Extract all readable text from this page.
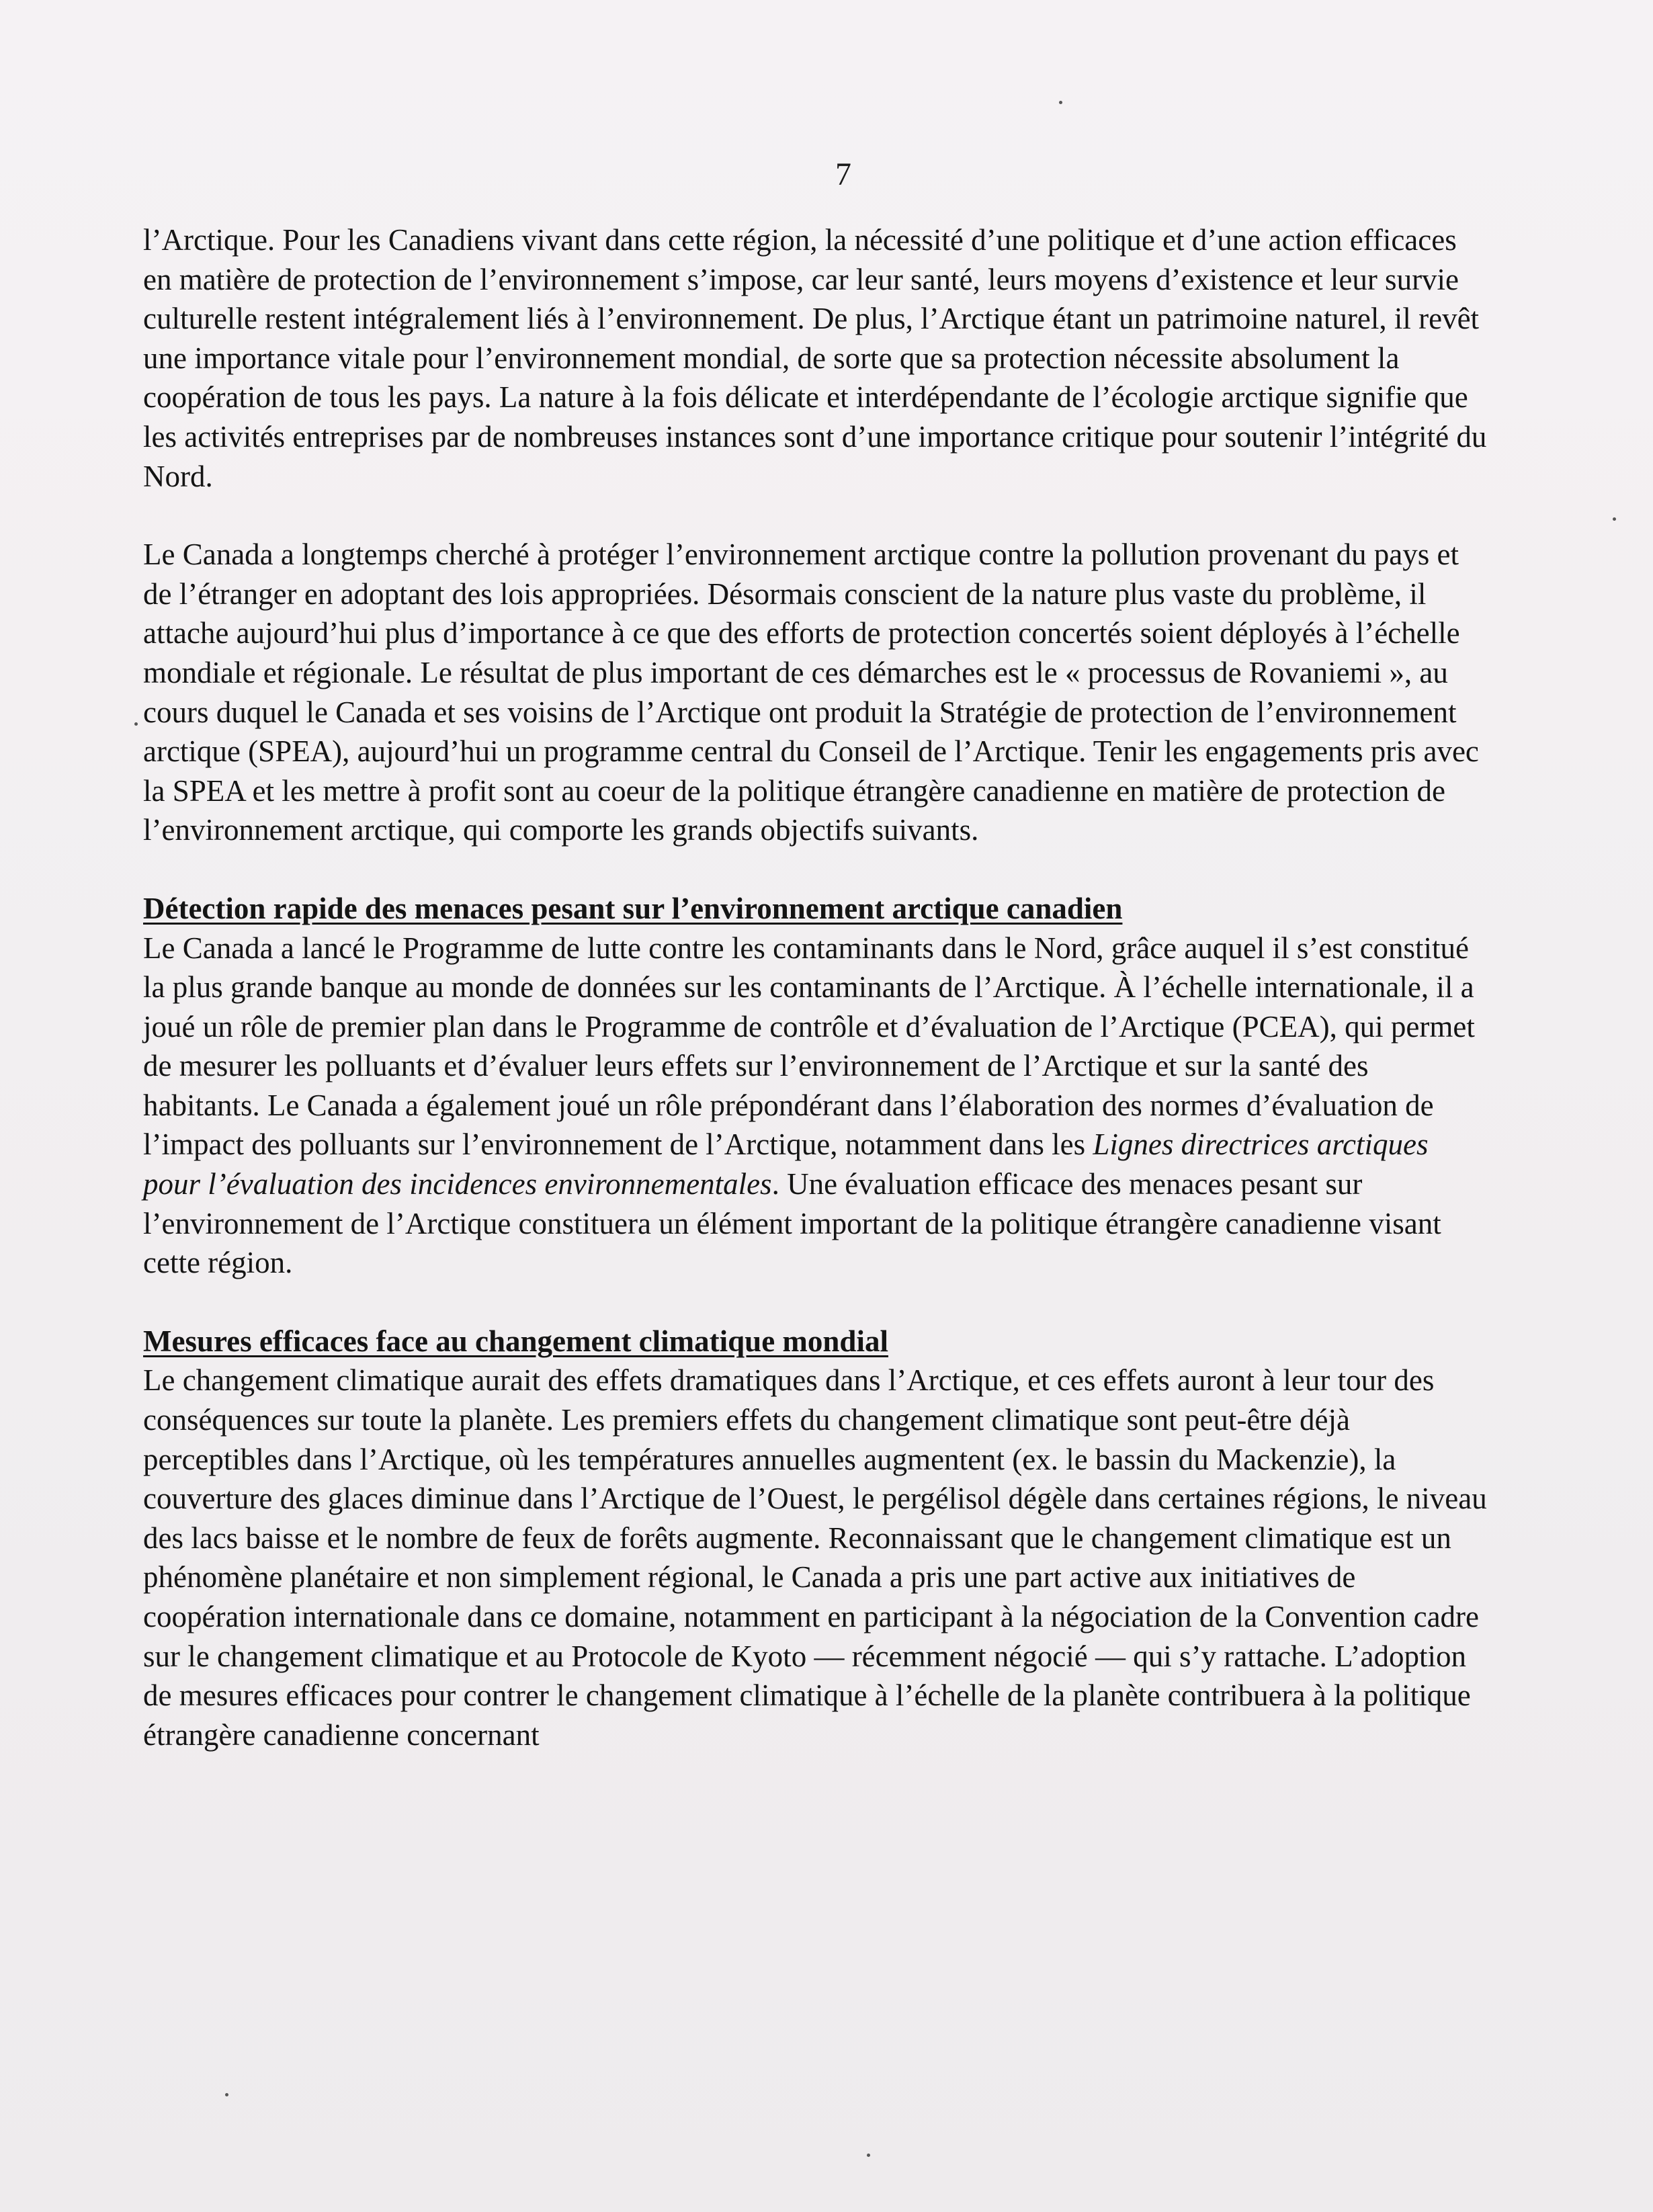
7

l’Arctique. Pour les Canadiens vivant dans cette région, la nécessité d’une politique et d’une action efficaces en matière de protection de l’environnement s’impose, car leur santé, leurs moyens d’existence et leur survie culturelle restent intégralement liés à l’environnement. De plus, l’Arctique étant un patrimoine naturel, il revêt une importance vitale pour l’environnement mondial, de sorte que sa protection nécessite absolument la coopération de tous les pays. La nature à la fois délicate et interdépendante de l’écologie arctique signifie que les activités entreprises par de nombreuses instances sont d’une importance critique pour soutenir l’intégrité du Nord.

Le Canada a longtemps cherché à protéger l’environnement arctique contre la pollution provenant du pays et de l’étranger en adoptant des lois appropriées. Désormais conscient de la nature plus vaste du problème, il attache aujourd’hui plus d’importance à ce que des efforts de protection concertés soient déployés à l’échelle mondiale et régionale. Le résultat de plus important de ces démarches est le « processus de Rovaniemi », au cours duquel le Canada et ses voisins de l’Arctique ont produit la Stratégie de protection de l’environnement arctique (SPEA), aujourd’hui un programme central du Conseil de l’Arctique. Tenir les engagements pris avec la SPEA et les mettre à profit sont au coeur de la politique étrangère canadienne en matière de protection de l’environnement arctique, qui comporte les grands objectifs suivants.

Détection rapide des menaces pesant sur l’environnement arctique canadien
Le Canada a lancé le Programme de lutte contre les contaminants dans le Nord, grâce auquel il s’est constitué la plus grande banque au monde de données sur les contaminants de l’Arctique. À l’échelle internationale, il a joué un rôle de premier plan dans le Programme de contrôle et d’évaluation de l’Arctique (PCEA), qui permet de mesurer les polluants et d’évaluer leurs effets sur l’environnement de l’Arctique et sur la santé des habitants. Le Canada a également joué un rôle prépondérant dans l’élaboration des normes d’évaluation de l’impact des polluants sur l’environnement de l’Arctique, notamment dans les Lignes directrices arctiques pour l’évaluation des incidences environnementales. Une évaluation efficace des menaces pesant sur l’environnement de l’Arctique constituera un élément important de la politique étrangère canadienne visant cette région.

Mesures efficaces face au changement climatique mondial
Le changement climatique aurait des effets dramatiques dans l’Arctique, et ces effets auront à leur tour des conséquences sur toute la planète. Les premiers effets du changement climatique sont peut-être déjà perceptibles dans l’Arctique, où les températures annuelles augmentent (ex. le bassin du Mackenzie), la couverture des glaces diminue dans l’Arctique de l’Ouest, le pergélisol dégèle dans certaines régions, le niveau des lacs baisse et le nombre de feux de forêts augmente. Reconnaissant que le changement climatique est un phénomène planétaire et non simplement régional, le Canada a pris une part active aux initiatives de coopération internationale dans ce domaine, notamment en participant à la négociation de la Convention cadre sur le changement climatique et au Protocole de Kyoto — récemment négocié — qui s’y rattache. L’adoption de mesures efficaces pour contrer le changement climatique à l’échelle de la planète contribuera à la politique étrangère canadienne concernant
